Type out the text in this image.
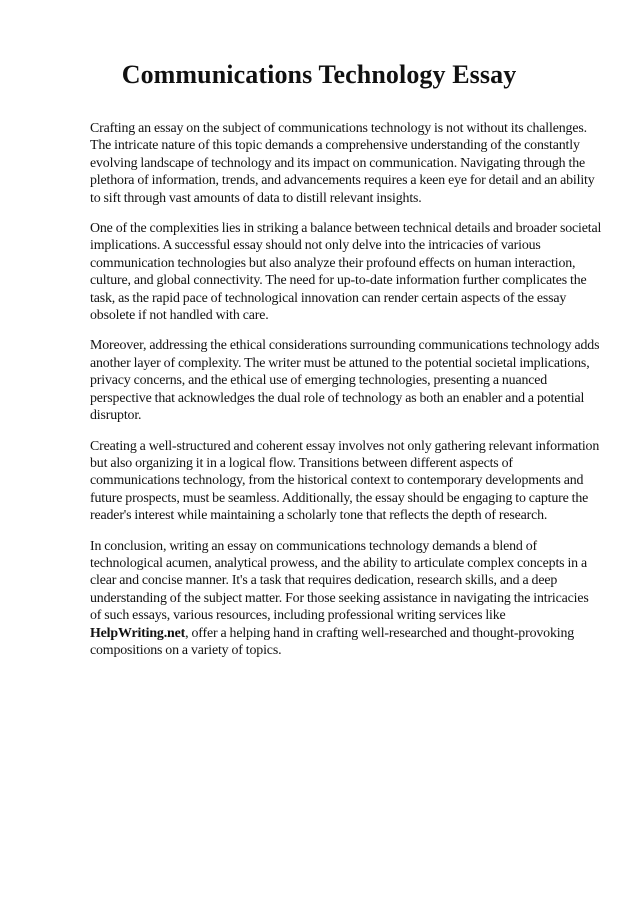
Communications Technology Essay

Crafting an essay on the subject of communications technology is not without its challenges. The intricate nature of this topic demands a comprehensive understanding of the constantly evolving landscape of technology and its impact on communication. Navigating through the plethora of information, trends, and advancements requires a keen eye for detail and an ability to sift through vast amounts of data to distill relevant insights.

One of the complexities lies in striking a balance between technical details and broader societal implications. A successful essay should not only delve into the intricacies of various communication technologies but also analyze their profound effects on human interaction, culture, and global connectivity. The need for up-to-date information further complicates the task, as the rapid pace of technological innovation can render certain aspects of the essay obsolete if not handled with care.

Moreover, addressing the ethical considerations surrounding communications technology adds another layer of complexity. The writer must be attuned to the potential societal implications, privacy concerns, and the ethical use of emerging technologies, presenting a nuanced perspective that acknowledges the dual role of technology as both an enabler and a potential disruptor.

Creating a well-structured and coherent essay involves not only gathering relevant information but also organizing it in a logical flow. Transitions between different aspects of communications technology, from the historical context to contemporary developments and future prospects, must be seamless. Additionally, the essay should be engaging to capture the reader's interest while maintaining a scholarly tone that reflects the depth of research.

In conclusion, writing an essay on communications technology demands a blend of technological acumen, analytical prowess, and the ability to articulate complex concepts in a clear and concise manner. It's a task that requires dedication, research skills, and a deep understanding of the subject matter. For those seeking assistance in navigating the intricacies of such essays, various resources, including professional writing services like HelpWriting.net, offer a helping hand in crafting well-researched and thought-provoking compositions on a variety of topics.
